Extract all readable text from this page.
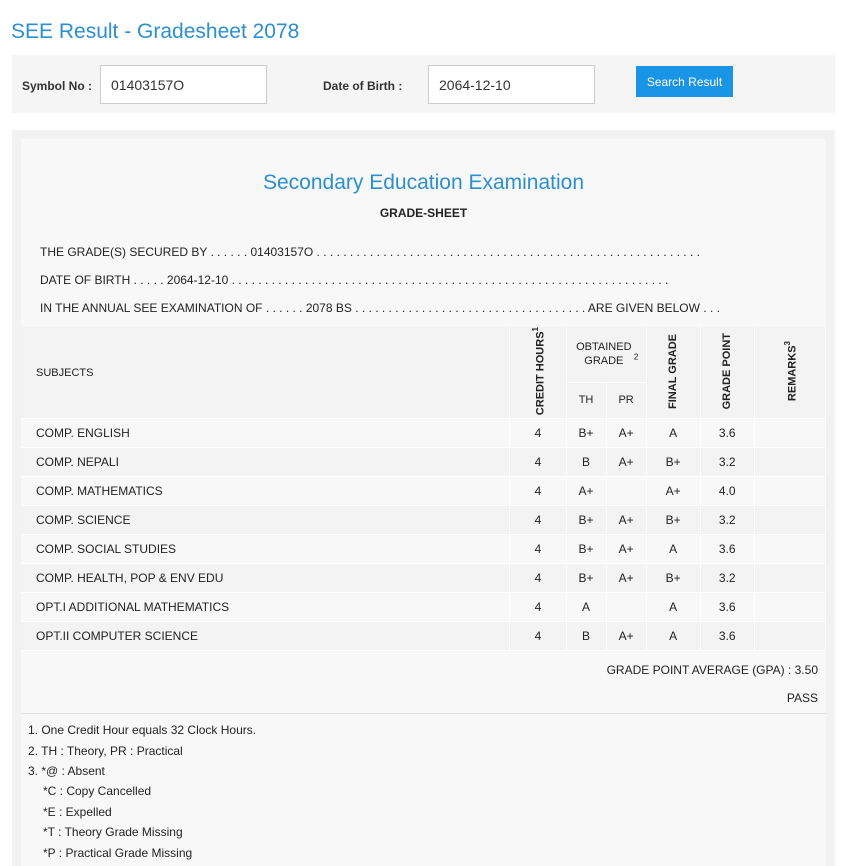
SEE Result - Gradesheet 2078
Symbol No :
01403157O	Date of Birth :
2064-12-10	Search Result
Secondary Education Examination
GRADE-SHEET
THE GRADE(S) SECURED BY . . . . . . 01403157O . . . . . . . . . . . . . . . . . . . . . . . . . . . . . . . . . . . . . . . . . . . . . . . . . . . . . . . . . .
DATE OF BIRTH . . . . . 2064-12-10 . . . . . . . . . . . . . . . . . . . . . . . . . . . . . . . . . . . . . . . . . . . . . . . . . . . . . . . . . . . . . . . . . .
IN THE ANNUAL SEE EXAMINATION OF . . . . . . 2078 BS . . . . . . . . . . . . . . . . . . . . . . . . . . . . . . . . . . . ARE GIVEN BELOW . . .
SUBJECTS	CREDIT HOURS$^1$	OBTAINED GRADE $^2$		FINAL GRADE	GRADE POINT	REMARKS$^3$
		TH	PR			
COMP. ENGLISH	4	B+	A+	A	3.6	
COMP. NEPALI	4	B	A+	B+	3.2	
COMP. MATHEMATICS	4	A+		A+	4.0	
COMP. SCIENCE	4	B+	A+	B+	3.2	
COMP. SOCIAL STUDIES	4	B+	A+	A	3.6	
COMP. HEALTH, POP & ENV EDU	4	B+	A+	B+	3.2	
OPT.I ADDITIONAL MATHEMATICS	4	A		A	3.6	
OPT.II COMPUTER SCIENCE	4	B	A+	A	3.6	
GRADE POINT AVERAGE (GPA) : 3.50
PASS
1. One Credit Hour equals 32 Clock Hours.
2. TH : Theory, PR : Practical
3. *@ : Absent
*C : Copy Cancelled
*E : Expelled
*T : Theory Grade Missing
*P : Practical Grade Missing
